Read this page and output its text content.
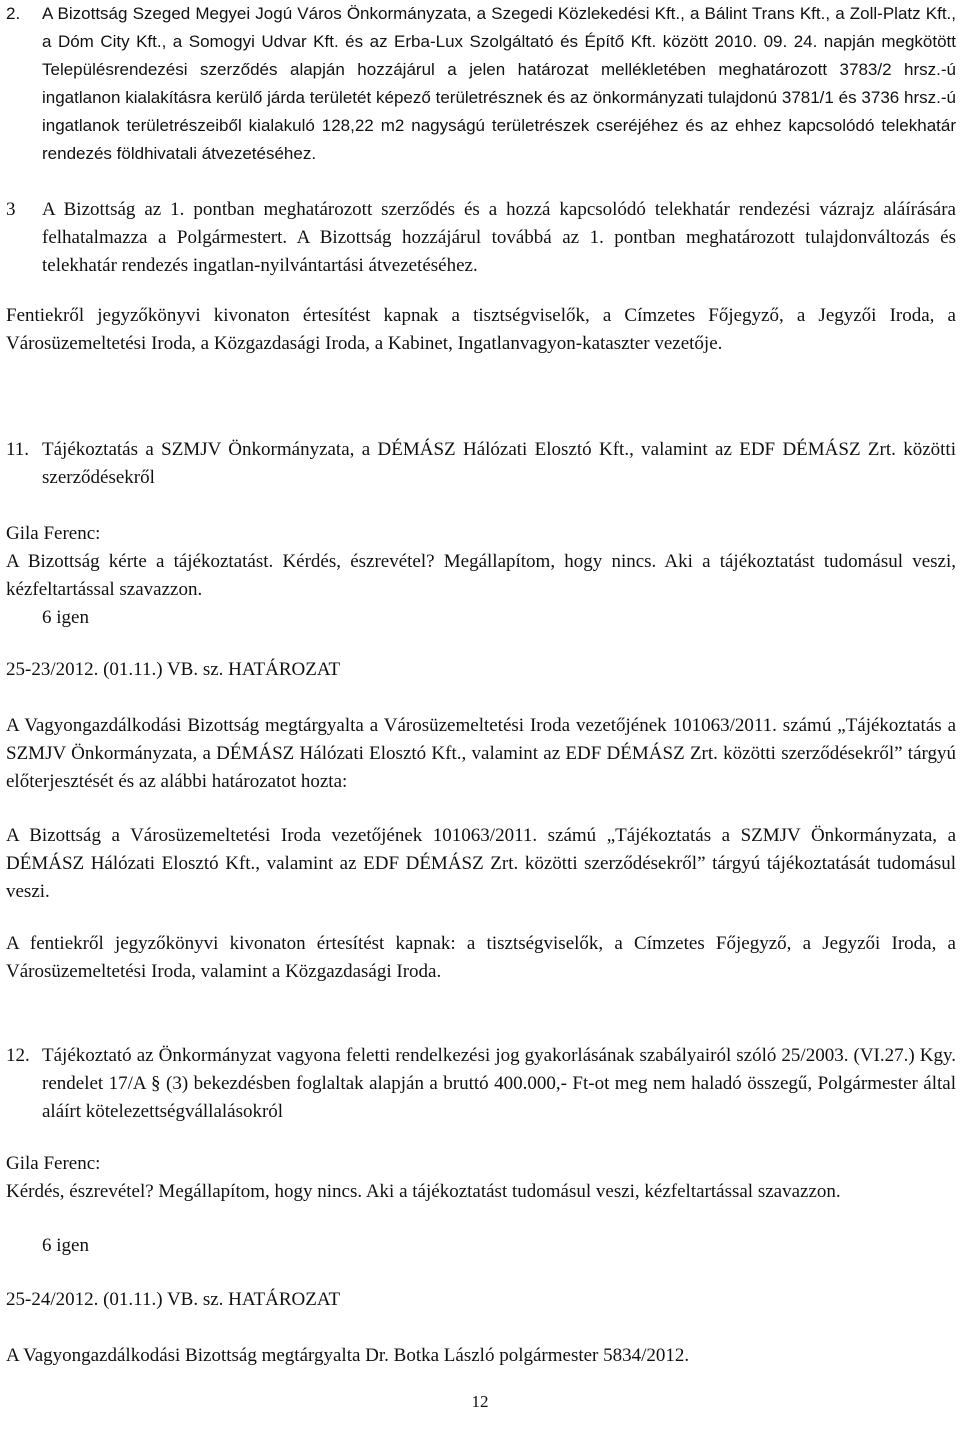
2. A Bizottság Szeged Megyei Jogú Város Önkormányzata, a Szegedi Közlekedési Kft., a Bálint Trans Kft., a Zoll-Platz Kft., a Dóm City Kft., a Somogyi Udvar Kft. és az Erba-Lux Szolgáltató és Építő Kft. között 2010. 09. 24. napján megkötött Településrendezési szerződés alapján hozzájárul a jelen határozat mellékletében meghatározott 3783/2 hrsz.-ú ingatlanon kialakításra kerülő járda területét képező területrésznek és az önkormányzati tulajdonú 3781/1 és 3736 hrsz.-ú ingatlanok területrészeiből kialakuló 128,22 m2 nagyságú területrészek cseréjéhez és az ehhez kapcsolódó telekhatár rendezés földhivatali átvezetéséhez.
3 A Bizottság az 1. pontban meghatározott szerződés és a hozzá kapcsolódó telekhatár rendezési vázrajz aláírására felhatalmazza a Polgármestert. A Bizottság hozzájárul továbbá az 1. pontban meghatározott tulajdonváltozás és telekhatár rendezés ingatlan-nyilvántartási átvezetéséhez.
Fentiekről jegyzőkönyvi kivonaton értesítést kapnak a tisztségviselők, a Címzetes Főjegyző, a Jegyzői Iroda, a Városüzemeltetési Iroda, a Közgazdasági Iroda, a Kabinet, Ingatlanvagyon-kataszter vezetője.
11. Tájékoztatás a SZMJV Önkormányzata, a DÉMÁSZ Hálózati Elosztó Kft., valamint az EDF DÉMÁSZ Zrt. közötti szerződésekről
Gila Ferenc:
A Bizottság kérte a tájékoztatást. Kérdés, észrevétel? Megállapítom, hogy nincs. Aki a tájékoztatást tudomásul veszi, kézfeltartással szavazzon.
6 igen
25-23/2012. (01.11.) VB. sz. HATÁROZAT
A Vagyongazdálkodási Bizottság megtárgyalta a Városüzemeltetési Iroda vezetőjének 101063/2011. számú „Tájékoztatás a SZMJV Önkormányzata, a DÉMÁSZ Hálózati Elosztó Kft., valamint az EDF DÉMÁSZ Zrt. közötti szerződésekről” tárgyú előterjesztését és az alábbi határozatot hozta:
A Bizottság a Városüzemeltetési Iroda vezetőjének 101063/2011. számú „Tájékoztatás a SZMJV Önkormányzata, a DÉMÁSZ Hálózati Elosztó Kft., valamint az EDF DÉMÁSZ Zrt. közötti szerződésekről” tárgyú tájékoztatását tudomásul veszi.
A fentiekről jegyzőkönyvi kivonaton értesítést kapnak: a tisztségviselők, a Címzetes Főjegyző, a Jegyzői Iroda, a Városüzemeltetési Iroda, valamint a Közgazdasági Iroda.
12. Tájékoztató az Önkormányzat vagyona feletti rendelkezési jog gyakorlásának szabályairól szóló 25/2003. (VI.27.) Kgy. rendelet 17/A § (3) bekezdésben foglaltak alapján a bruttó 400.000,- Ft-ot meg nem haladó összegű, Polgármester által aláírt kötelezettségvállalásokról
Gila Ferenc:
Kérdés, észrevétel? Megállapítom, hogy nincs. Aki a tájékoztatást tudomásul veszi, kézfeltartással szavazzon.
6 igen
25-24/2012. (01.11.) VB. sz. HATÁROZAT
A Vagyongazdálkodási Bizottság megtárgyalta Dr. Botka László polgármester 5834/2012.
12
